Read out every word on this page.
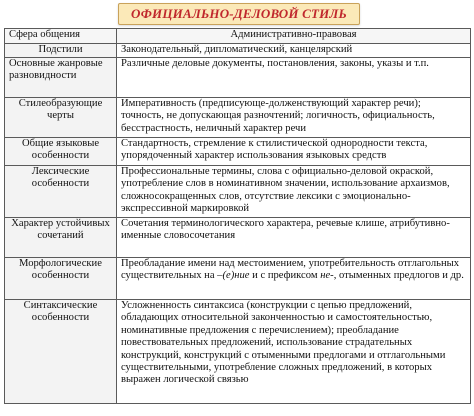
ОФИЦИАЛЬНО-ДЕЛОВОЙ СТИЛЬ
Сфера общения	Административно-правовая
Подстили	Законодательный, дипломатический, канцелярский
Основные жанровые разновидности	Различные деловые документы, постановления, законы, указы и т.п.
Стилеобразующие черты	Императивность (предписующе-долженствующий характер речи); точность, не допускающая разночтений; логичность, официальность, бесстрастность, неличный характер речи
Общие языковые особенности	Стандартность, стремление к стилистической однородности текста, упорядоченный характер использования языковых средств
Лексические особенности	Профессиональные термины, слова с официально-деловой окраской, употребление слов в номинативном значении, использование архаизмов, сложносокращенных слов, отсутствие лексики с эмоционально-экспрессивной маркировкой
Характер устойчивых сочетаний	Сочетания терминологического характера, речевые клише, атрибутивно-именные словосочетания
Морфологические особенности	Преобладание имени над местоимением, употребительность отглагольных существительных на –(е)ние и с префиксом не-, отыменных предлогов и др.
Синтаксические особенности	Усложненность синтаксиса (конструкции с цепью предложений, обладающих относительной законченностью и самостоятельностью, номинативные предложения с перечислением); преобладание повествовательных предложений, использование страдательных конструкций, конструкций с отыменными предлогами и отглагольными существительными, употребление сложных предложений, в которых выражен логической связью
